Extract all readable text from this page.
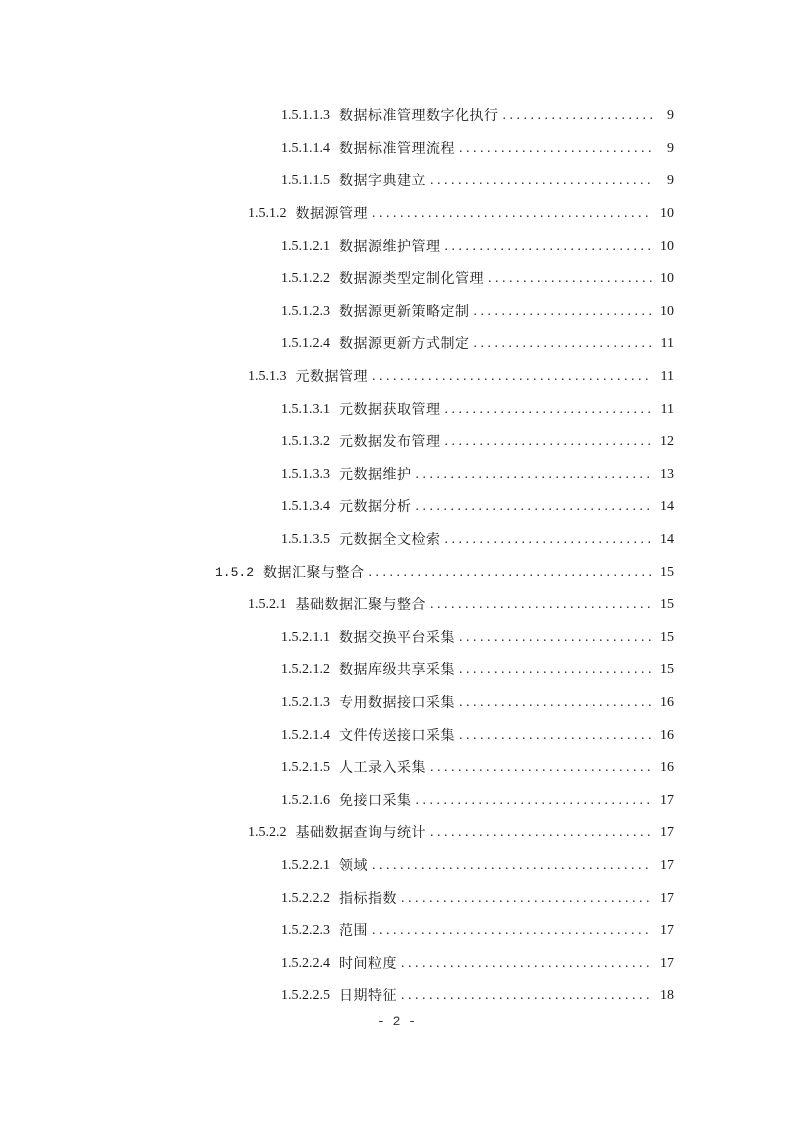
1.5.1.1.3 数据标准管理数字化执行 . . .	9
1.5.1.1.4 数据标准管理流程 . . .	9
1.5.1.1.5 数据字典建立 . . .	9
1.5.1.2 数据源管理 . . .	10
1.5.1.2.1 数据源维护管理 . . .	10
1.5.1.2.2 数据源类型定制化管理 . . .	10
1.5.1.2.3 数据源更新策略定制 . . .	10
1.5.1.2.4 数据源更新方式制定 . . .	11
1.5.1.3 元数据管理 . . .	11
1.5.1.3.1 元数据获取管理 . . .	11
1.5.1.3.2 元数据发布管理 . . .	12
1.5.1.3.3 元数据维护 . . .	13
1.5.1.3.4 元数据分析 . . .	14
1.5.1.3.5 元数据全文检索 . . .	14
1.5.2 数据汇聚与整合 . . .	15
1.5.2.1 基础数据汇聚与整合 . . .	15
1.5.2.1.1 数据交换平台采集 . . .	15
1.5.2.1.2 数据库级共享采集 . . .	15
1.5.2.1.3 专用数据接口采集 . . .	16
1.5.2.1.4 文件传送接口采集 . . .	16
1.5.2.1.5 人工录入采集 . . .	16
1.5.2.1.6 免接口采集 . . .	17
1.5.2.2 基础数据查询与统计 . . .	17
1.5.2.2.1 领域 . . .	17
1.5.2.2.2 指标指数 . . .	17
1.5.2.2.3 范围 . . .	17
1.5.2.2.4 时间粒度 . . .	17
1.5.2.2.5 日期特征 . . .	18
- 2 -
